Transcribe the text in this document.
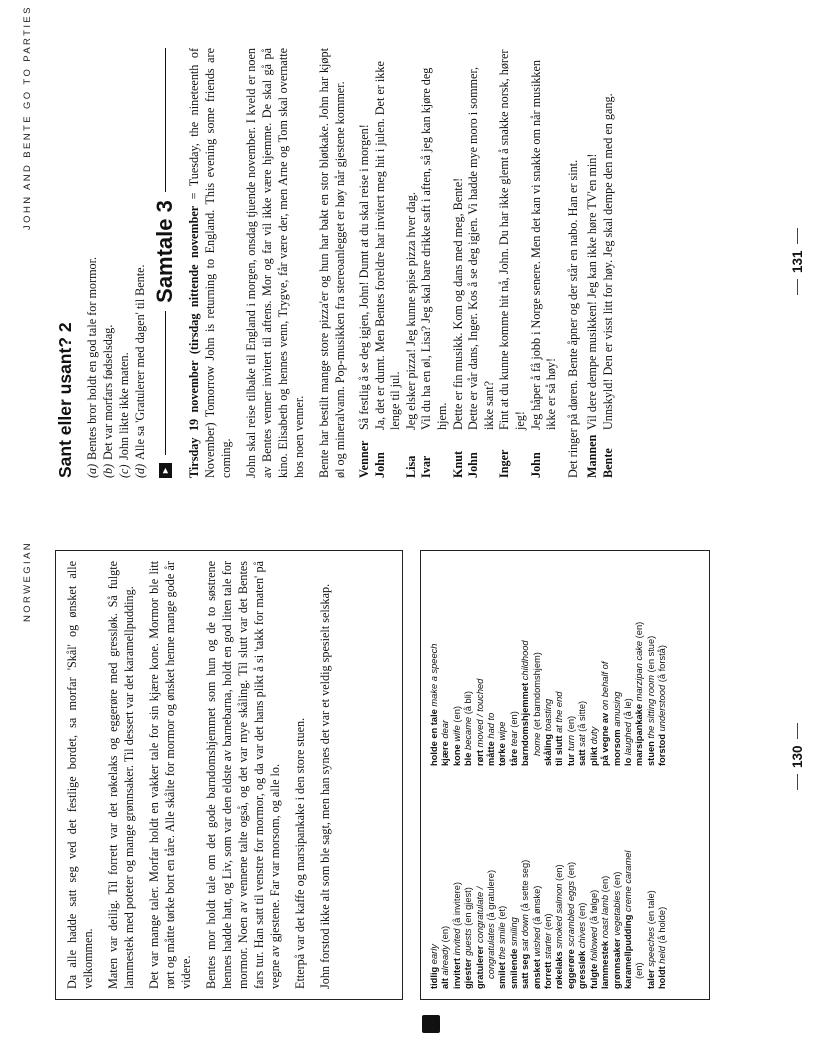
NORWEGIAN
JOHN AND BENTE GO TO PARTIES
130
131

Da alle hadde satt seg ved det festlige bordet, sa morfar 'Skål' og ønsket alle velkommen. Maten var deilig. Til forrett var det røkelaks og eggerøre med gressløk. Så fulgte lammestek med poteter og mange grønnsaker. Til dessert var det karamellpudding. Det var mange taler. Morfar holdt en vakker tale for sin kjære kone. Mormor ble litt rørt og måtte tørke bort en tåre. Alle skålte for mormor og ønsket henne mange gode år videre. Bentes mor holdt tale om det gode barndomshjemmet som hun og de to søstrene hennes hadde hatt, og Liv, som var den eldste av barnebarna, holdt en god liten tale for mormor. Noen av vennene talte også, og det var mye skåling. Til slutt var det Bentes fars tur. Han satt til venstre for mormor, og da var det hans plikt å si 'takk for maten' på vegne av gjestene. Far var morsom, og alle lo. Etterpå var det kaffe og marsipankake i den store stuen. John forstod ikke alt som ble sagt, men han synes det var et veldig spesielt selskap.	tidlig early
alt already (en)
invitert invited (å invitere)
gjester guests (en gjest)
gratulerer congratulate /
congratulates (å gratulere)
smilet the smile (et)
smilende smiling
satt seg sat down (å sette seg)
ønsket wished (å ønske)
forrett starter (en)
røkelaks smoked salmon (en)
eggerøre scrambled eggs (en)
gressløk chives (en)
fulgte followed (å følge)
lammestek roast lamb (en)
grønnsaker vegetables (en)
karamellpudding creme caramel
(en) taler speeches (en tale)
holdt held (å holde)
holde en tale make a speech
kjære dear
kone wife (en)
ble became (å bli)
rørt moved / touched
måtte had to
tørke wipe
tåre tear (en) barndomshjemmet childhood
home (et barndomshjem)
skåling toasting
til slutt at the end
tur turn (en)
satt sat (å sitte)
plikt duty på vegne av on behalf of
morsom amusing
lo laughed (å le) marsipankake marzipan cake (en)
stuen the sitting room (en stue)
forstod understood (å forstå)
Sant eller usant? 2 (a)Bentes bror holdt en god tale for mormor.
(b)Det var morfars fødselsdag.
(c)John likte ikke maten.
(d)Alle sa 'Gratulerer med dagen' til Bente.
►
Samtale 3 Tirsday 19 november (tirsdag nittende november = Tuesday, the nineteenth of November) Tomorrow John is returning to England. This evening some friends are coming. John skal reise tilbake til England i morgen, onsdag tjuende november. I kveld er noen av Bentes venner invitert til aftens. Mor og far vil ikke være hjemme. De skal gå på kino. Elisabeth og hennes venn, Trygve, får være der, men Arne og Tom skal overnatte hos noen venner. Bente har bestilt mange store pizza'er og hun har bakt en stor bløtkake. John har kjøpt øl og mineralvann. Pop-musikken fra stereoanlegget er høy når gjestene kommer. Venner
Så festlig å se deg igjen, John! Dumt at du skal reise i morgen!
John
Ja, det er dumt. Men Bentes foreldre har invitert meg hit i julen. Det er ikke lenge til jul.
Lisa
Jeg elsker pizza! Jeg kunne spise pizza hver dag.
Ivar
Vil du ha en øl, Lisa? Jeg skal bare drikke saft i aften, så jeg kan kjøre deg hjem.
Knut
Dette er fin musikk. Kom og dans med meg, Bente!
John
Dette er vår dans, Inger. Kos å se deg igjen. Vi hadde mye moro i sommer, ikke sant?
Inger
Fint at du kunne komme hit nå, John. Du har ikke glemt å snakke norsk, hører jeg!
John
Jeg håper å få jobb i Norge senere. Men det kan vi snakke om når musikken ikke er så høy! Det ringer på døren. Bente åpner og der står en nabo. Han er sint. Mannen
Vil dere dempe musikken! Jeg kan ikke høre TV'en min!
Bente
Unnskyld! Den er visst litt for høy. Jeg skal dempe den med en gang.
